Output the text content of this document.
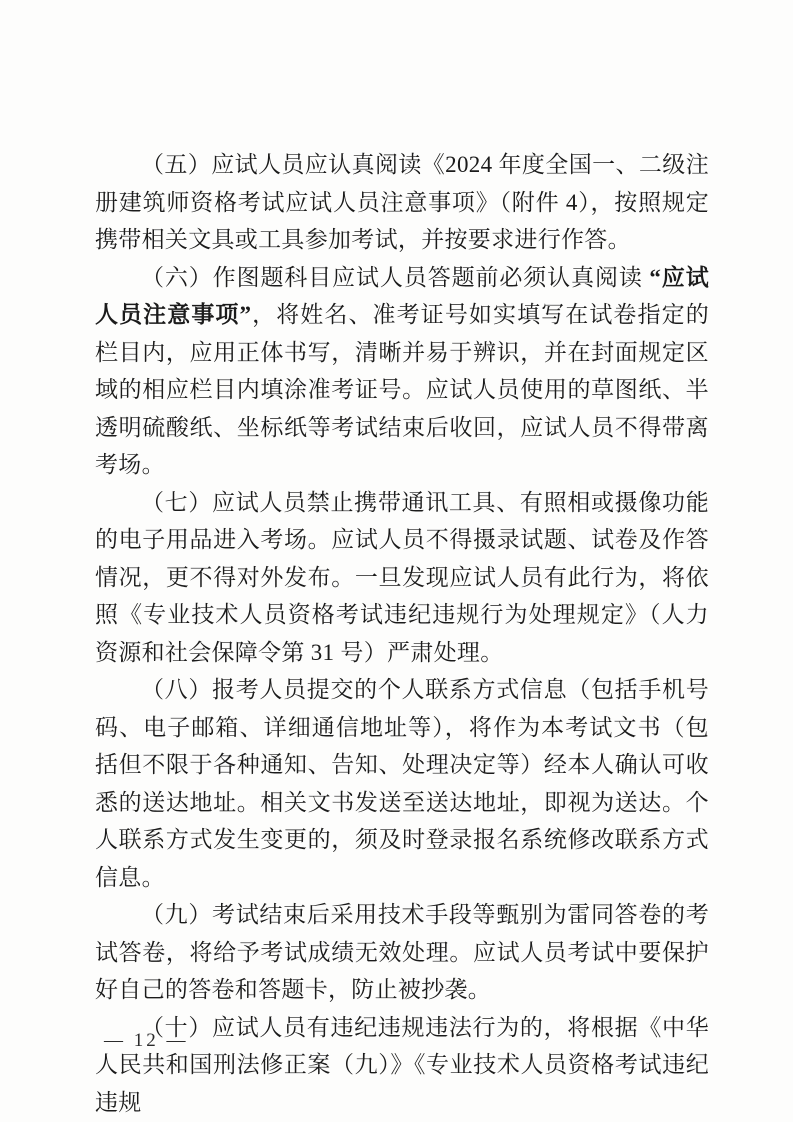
（五）应试人员应认真阅读《2024 年度全国一、二级注册建筑师资格考试应试人员注意事项》（附件 4），按照规定携带相关文具或工具参加考试，并按要求进行作答。

（六）作图题科目应试人员答题前必须认真阅读 “应试人员注意事项”，将姓名、准考证号如实填写在试卷指定的栏目内，应用正体书写，清晰并易于辨识，并在封面规定区域的相应栏目内填涂准考证号。应试人员使用的草图纸、半透明硫酸纸、坐标纸等考试结束后收回，应试人员不得带离考场。

（七）应试人员禁止携带通讯工具、有照相或摄像功能的电子用品进入考场。应试人员不得摄录试题、试卷及作答情况，更不得对外发布。一旦发现应试人员有此行为，将依照《专业技术人员资格考试违纪违规行为处理规定》（人力资源和社会保障令第 31 号）严肃处理。

（八）报考人员提交的个人联系方式信息（包括手机号码、电子邮箱、详细通信地址等），将作为本考试文书（包括但不限于各种通知、告知、处理决定等）经本人确认可收悉的送达地址。相关文书发送至送达地址，即视为送达。个人联系方式发生变更的，须及时登录报名系统修改联系方式信息。

（九）考试结束后采用技术手段等甄别为雷同答卷的考试答卷，将给予考试成绩无效处理。应试人员考试中要保护好自己的答卷和答题卡，防止被抄袭。

（十）应试人员有违纪违规违法行为的，将根据《中华人民共和国刑法修正案（九）》《专业技术人员资格考试违纪违规

— 12 —
